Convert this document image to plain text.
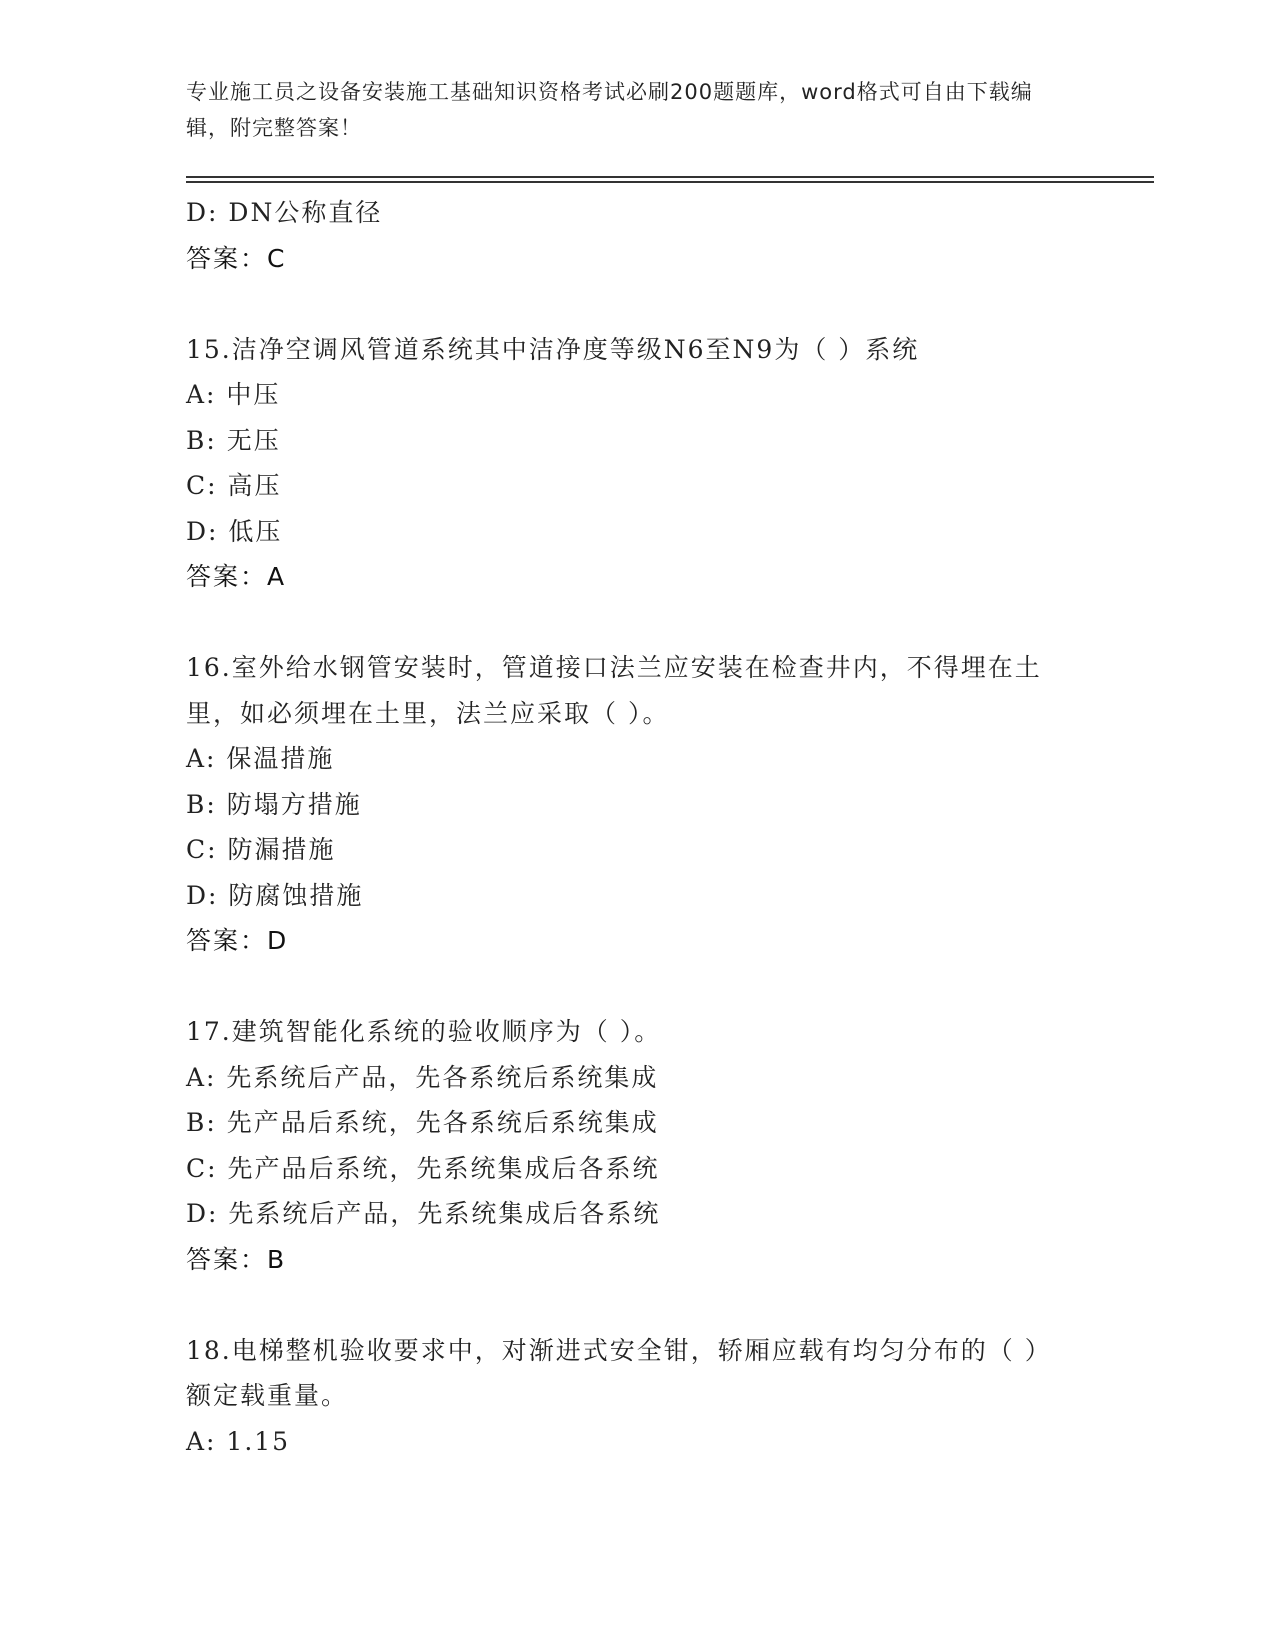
专业施工员之设备安装施工基础知识资格考试必刷200题题库，word格式可自由下载编辑，附完整答案！
D: DN公称直径
答案：C
15.洁净空调风管道系统其中洁净度等级N6至N9为（ ）系统
A: 中压
B: 无压
C: 高压
D: 低压
答案：A
16.室外给水钢管安装时，管道接口法兰应安装在检查井内，不得埋在土里，如必须埋在土里，法兰应采取（ ）。
A: 保温措施
B: 防塌方措施
C: 防漏措施
D: 防腐蚀措施
答案：D
17.建筑智能化系统的验收顺序为（ ）。
A: 先系统后产品，先各系统后系统集成
B: 先产品后系统，先各系统后系统集成
C: 先产品后系统，先系统集成后各系统
D: 先系统后产品，先系统集成后各系统
答案：B
18.电梯整机验收要求中，对渐进式安全钳，轿厢应载有均匀分布的（ ）额定载重量。
A: 1.15
